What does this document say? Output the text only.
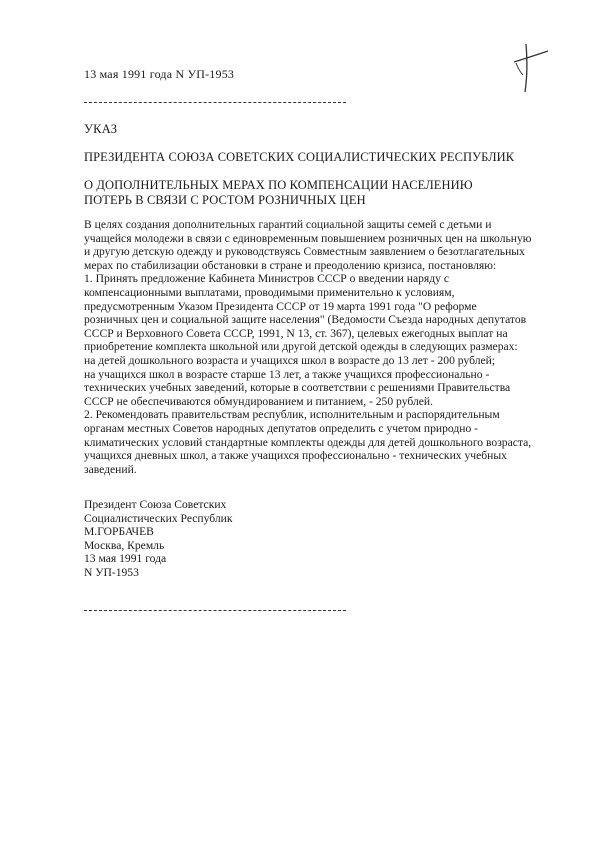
13 мая 1991 года N УП-1953
УКАЗ
ПРЕЗИДЕНТА СОЮЗА СОВЕТСКИХ СОЦИАЛИСТИЧЕСКИХ РЕСПУБЛИК
О ДОПОЛНИТЕЛЬНЫХ МЕРАХ ПО КОМПЕНСАЦИИ НАСЕЛЕНИЮ
ПОТЕРЬ В СВЯЗИ С РОСТОМ РОЗНИЧНЫХ ЦЕН
В целях создания дополнительных гарантий социальной защиты семей с детьми и
учащейся молодежи в связи с единовременным повышением розничных цен на школьную
и другую детскую одежду и руководствуясь Совместным заявлением о безотлагательных
мерах по стабилизации обстановки в стране и преодолению кризиса, постановляю:
1. Принять предложение Кабинета Министров СССР о введении наряду с
компенсационными выплатами, проводимыми применительно к условиям,
предусмотренным Указом Президента СССР от 19 марта 1991 года "О реформе
розничных цен и социальной защите населения" (Ведомости Съезда народных депутатов
СССР и Верховного Совета СССР, 1991, N 13, ст. 367), целевых ежегодных выплат на
приобретение комплекта школьной или другой детской одежды в следующих размерах:
на детей дошкольного возраста и учащихся школ в возрасте до 13 лет - 200 рублей;
на учащихся школ в возрасте старше 13 лет, а также учащихся профессионально -
технических учебных заведений, которые в соответствии с решениями Правительства
СССР не обеспечиваются обмундированием и питанием, - 250 рублей.
2. Рекомендовать правительствам республик, исполнительным и распорядительным
органам местных Советов народных депутатов определить с учетом природно -
климатических условий стандартные комплекты одежды для детей дошкольного возраста,
учащихся дневных школ, а также учащихся профессионально - технических учебных
заведений.
Президент Союза Советских
Социалистических Республик
М.ГОРБАЧЕВ
Москва, Кремль
13 мая 1991 года
N УП-1953
